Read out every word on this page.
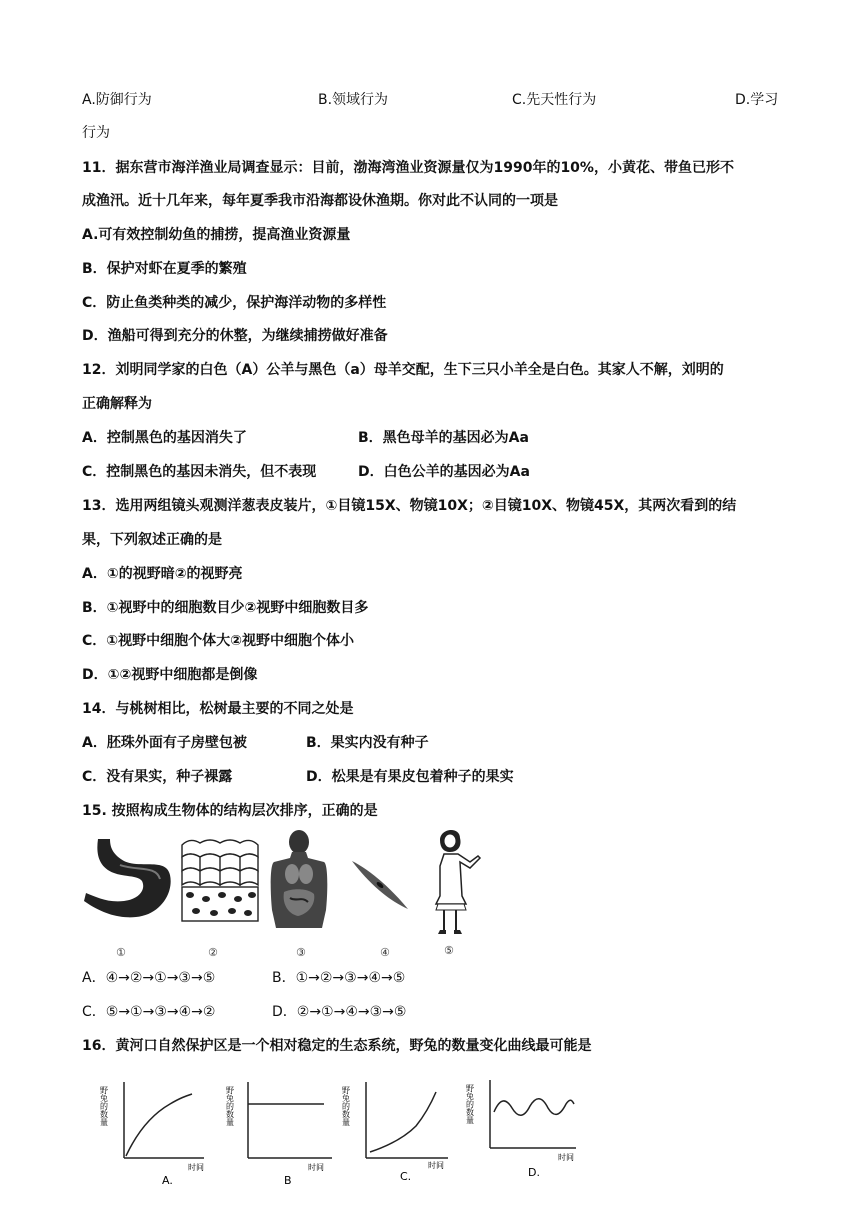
A.防御行为	B.领域行为	C.先天性行为	D.学习
行为
11．据东营市海洋渔业局调查显示：目前，渤海湾渔业资源量仅为1990年的10%，小黄花、带鱼已形不
成渔汛。近十几年来，每年夏季我市沿海都设休渔期。你对此不认同的一项是
A.可有效控制幼鱼的捕捞，提高渔业资源量
B．保护对虾在夏季的繁殖
C．防止鱼类种类的减少，保护海洋动物的多样性
D．渔船可得到充分的休整，为继续捕捞做好准备
12．刘明同学家的白色（A）公羊与黑色（a）母羊交配，生下三只小羊全是白色。其家人不解，刘明的
正确解释为
A．控制黑色的基因消失了	B．黑色母羊的基因必为Aa
C．控制黑色的基因未消失，但不表现	D．白色公羊的基因必为Aa
13．选用两组镜头观测洋葱表皮装片，①目镜15X、物镜10X；②目镜10X、物镜45X，其两次看到的结
果，下列叙述正确的是
A．①的视野暗②的视野亮
B．①视野中的细胞数目少②视野中细胞数目多
C．①视野中细胞个体大②视野中细胞个体小
D．①②视野中细胞都是倒像
14．与桃树相比，松树最主要的不同之处是
A．胚珠外面有子房壁包被	B．果实内没有种子
C．没有果实，种子裸露	D．松果是有果皮包着种子的果实
15. 按照构成生物体的结构层次排序，正确的是
①	②	③	④	⑤
A．④→②→①→③→⑤	B．①→②→③→④→⑤
C．⑤→①→③→④→②	D．②→①→④→③→⑤
16．黄河口自然保护区是一个相对稳定的生态系统，野兔的数量变化曲线最可能是
野兔的数量
时间
A.
野兔的数量
时间
B
野兔的数量
时间
C.
野兔的数量
时间
D.
